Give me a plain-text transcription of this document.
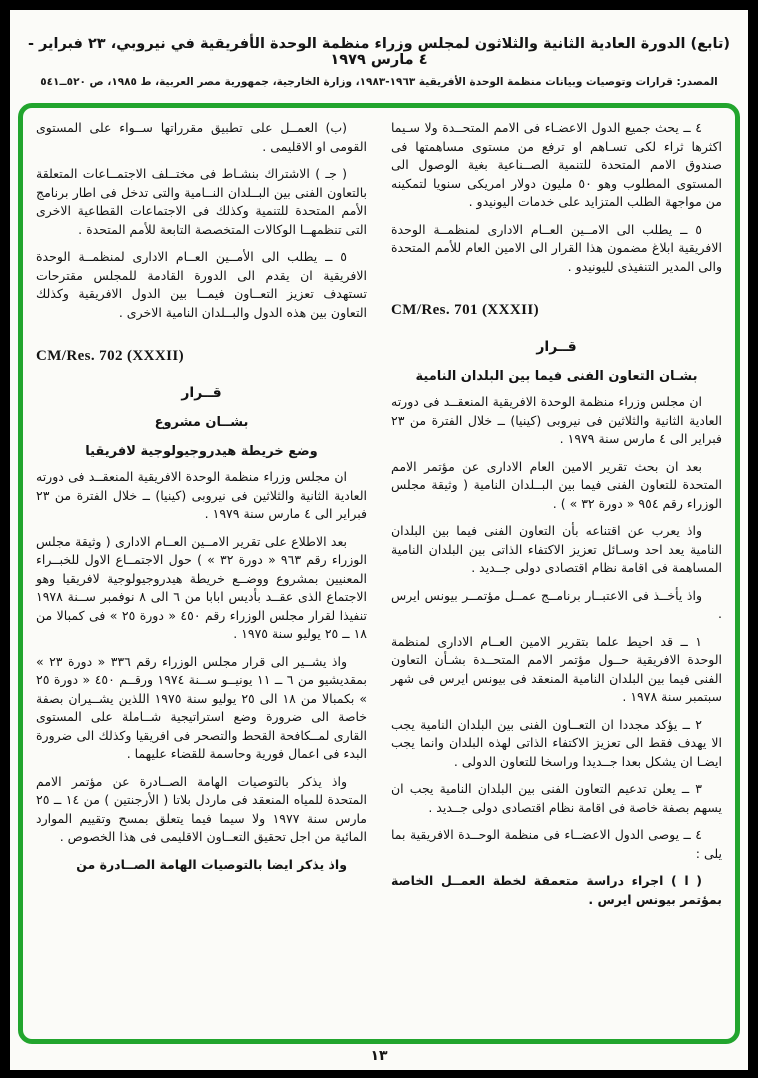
(تابع) الدورة العادية الثانية والثلاثون لمجلس وزراء منظمة الوحدة الأفريقية في نيروبي، ٢٣ فبراير - ٤ مارس ١٩٧٩
المصدر: قرارات وتوصيات وبيانات منظمة الوحدة الأفريقية ١٩٦٣-١٩٨٣، وزارة الخارجية، جمهورية مصر العربية، ط ١٩٨٥، ص ٥٢٠ــ٥٤١
٤ ــ يحث جميع الدول الاعضـاء فى الامم المتحــدة ولا سـيما اكثرها ثراء لكى تسـاهم او ترفع من مستوى مساهمتها فى صندوق الامم المتحدة للتنمية الصــناعية بغية الوصول الى المستوى المطلوب وهو ٥٠ مليون دولار امريكى سنويا لتمكينه من مواجهة الطلب المتزايد على خدمات اليونيدو .
٥ ــ يطلب الى الامــين العــام الادارى لمنظمــة الوحدة الافريقية ابلاغ مضمون هذا القرار الى الامين العام للأمم المتحدة والى المدير التنفيذى لليونيدو .
CM/Res. 701 (XXXII)
قــرار
بشـان التعاون الفنى فيما بين البلدان النامية
ان مجلس وزراء منظمة الوحدة الافريقية المنعقــد فى دورته العادية الثانية والثلاثين فى نيروبى (كينيا) ــ خلال الفترة من ٢٣ فبراير الى ٤ مارس سنة ١٩٧٩ .
بعد ان بحث تقرير الامين العام الادارى عن مؤتمر الامم المتحدة للتعاون الفنى فيما بين البــلدان النامية ( وثيقة مجلس الوزراء رقم ٩٥٤ « دورة ٣٢ » ) .
واذ يعرب عن اقتناعه بأن التعاون الفنى فيما بين البلدان النامية يعد احد وسـائل تعزيز الاكتفاء الذاتى بين البلدان النامية المساهمة فى اقامة نظام اقتصادى دولى جــديد .
واذ يأخــذ فى الاعتبــار برنامــج عمــل مؤتمــر بيونس ايرس .
١ ــ قد احيط علما بتقرير الامين العــام الادارى لمنظمة الوحدة الافريقية حــول مؤتمر الامم المتحــدة بشـأن التعاون الفنى فيما بين البلدان النامية المنعقد فى بيونس ايرس فى شهر سبتمبر سنة ١٩٧٨ .
٢ ــ يؤكد مجددا ان التعــاون الفنى بين البلدان النامية يجب الا يهدف فقط الى تعزيز الاكتفاء الذاتى لهذه البلدان وانما يجب ايضـا ان يشكل بعدا جــديدا وراسخا للتعاون الدولى .
٣ ــ يعلن تدعيم التعاون الفنى بين البلدان النامية يجب ان يسهم بصفة خاصة فى اقامة نظام اقتصادى دولى جــديد .
٤ ــ يوصى الدول الاعضــاء فى منظمة الوحــدة الافريقية بما يلى :
( ا ) اجراء دراسة متعمقة لخطة العمــل الخاصة بمؤتمر بيونس ايرس .
(ب) العمــل على تطبيق مقرراتها ســواء على المستوى القومى او الاقليمى .
( جـ ) الاشتراك بنشـاط فى مختــلف الاجتمــاعات المتعلقة بالتعاون الفنى بين البــلدان النــامية والتى تدخل فى اطار برنامج الأمم المتحدة للتنمية وكذلك فى الاجتماعات القطاعية الاخرى التى تنظمهــا الوكالات المتخصصة التابعة للأمم المتحدة .
٥ ــ يطلب الى الأمــين العــام الادارى لمنظمــة الوحدة الافريقية ان يقدم الى الدورة القادمة للمجلس مقترحات تستهدف تعزيز التعــاون فيمــا بين الدول الافريقية وكذلك التعاون بين هذه الدول والبــلدان النامية الاخرى .
CM/Res. 702 (XXXII)
قــرار
بشــان مشروع
وضع خريطة هيدروجيولوجية لافريقيا
ان مجلس وزراء منظمة الوحدة الافريقية المنعقــد فى دورته العادية الثانية والثلاثين فى نيروبى (كينيا) ــ خلال الفترة من ٢٣ فبراير الى ٤ مارس سنة ١٩٧٩ .
بعد الاطلاع على تقرير الامــين العــام الادارى ( وثيقة مجلس الوزراء رقم ٩٦٣ « دورة ٣٢ » ) حول الاجتمــاع الاول للخبــراء المعنيين بمشروع ووضــع خريطة هيدروجيولوجية لافريقيا وهو الاجتماع الذى عقــد بأديس ابابا من ٦ الى ٨ نوفمبر ســنة ١٩٧٨ تنفيذا لقرار مجلس الوزراء رقم ٤٥٠ « دورة ٢٥ » فى كمبالا من ١٨ ــ ٢٥ يوليو سنة ١٩٧٥ .
واذ يشــير الى قرار مجلس الوزراء رقم ٣٣٦ « دورة ٢٣ » بمقديشيو من ٦ ــ ١١ يونيــو ســنة ١٩٧٤ ورقــم ٤٥٠ « دورة ٢٥ » بكمبالا من ١٨ الى ٢٥ يوليو سنة ١٩٧٥ اللذين يشــيران بصفة خاصة الى ضرورة وضع استراتيجية شــاملة على المستوى القارى لمــكافحة القحط والتصحر فى افريقيا وكذلك الى ضرورة البدء فى اعمال فورية وحاسمة للقضاء عليهما .
واذ يذكر بالتوصيات الهامة الصــادرة عن مؤتمر الامم المتحدة للمياه المنعقد فى ماردل بلاتا ( الأرجنتين ) من ١٤ ــ ٢٥ مارس سنة ١٩٧٧ ولا سيما فيما يتعلق بمسح وتقييم الموارد المائية من اجل تحقيق التعــاون الاقليمى فى هذا الخصوص .
واذ يذكر ايضا بالتوصيات الهامة الصــادرة من
١٣
